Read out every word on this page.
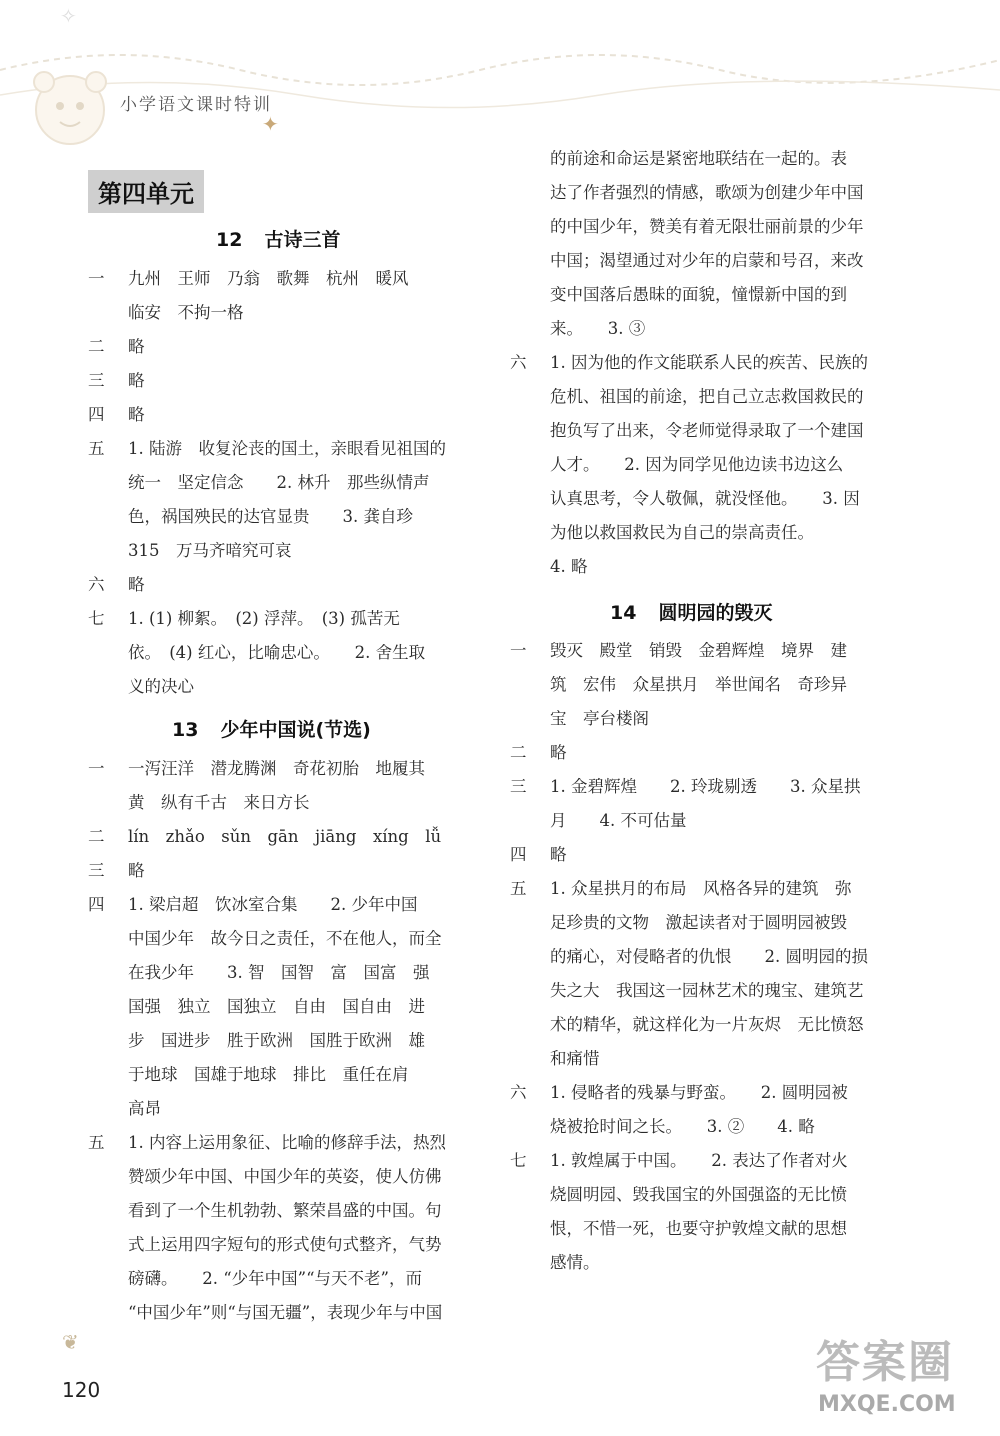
✦
✧
小学语文课时特训
第四单元
12 古诗三首
一	九州　王师　乃翁　歌舞　杭州　暖风
临安　不拘一格
二	略
三	略
四	略
五	1. 陆游　收复沦丧的国土，亲眼看见祖国的
统一　坚定信念　　2. 林升　那些纵情声
色，祸国殃民的达官显贵　　3. 龚自珍
315　万马齐喑究可哀
六	略
七	1. (1) 柳絮。　(2) 浮萍。　(3) 孤苦无
依。　(4) 红心，比喻忠心。　　2. 舍生取
义的决心
13 少年中国说(节选)
一	一泻汪洋　潜龙腾渊　奇花初胎　地履其
黄　纵有千古　来日方长
二	lín　zhǎo　sǔn　gān　jiāng　xíng　lǚ
三	略
四	1. 梁启超　饮冰室合集　　2. 少年中国
中国少年　故今日之责任，不在他人，而全
在我少年　　3. 智　国智　富　国富　强
国强　独立　国独立　自由　国自由　进
步　国进步　胜于欧洲　国胜于欧洲　雄
于地球　国雄于地球　排比　重任在肩
高昂
五	1. 内容上运用象征、比喻的修辞手法，热烈
赞颂少年中国、中国少年的英姿，使人仿佛
看到了一个生机勃勃、繁荣昌盛的中国。句
式上运用四字短句的形式使句式整齐，气势
磅礴。　　2. “少年中国”“与天不老”，而
“中国少年”则“与国无疆”，表现少年与中国
的前途和命运是紧密地联结在一起的。表
达了作者强烈的情感，歌颂为创建少年中国
的中国少年，赞美有着无限壮丽前景的少年
中国；渴望通过对少年的启蒙和号召，来改
变中国落后愚昧的面貌，憧憬新中国的到
来。　　3. ③
六	1. 因为他的作文能联系人民的疾苦、民族的
危机、祖国的前途，把自己立志救国救民的
抱负写了出来，令老师觉得录取了一个建国
人才。　　2. 因为同学见他边读书边这么
认真思考，令人敬佩，就没怪他。　　3. 因
为他以救国救民为自己的崇高责任。
4. 略
14 圆明园的毁灭
一	毁灭　殿堂　销毁　金碧辉煌　境界　建
筑　宏伟　众星拱月　举世闻名　奇珍异
宝　亭台楼阁
二	略
三	1. 金碧辉煌　　2. 玲珑剔透　　3. 众星拱
月　　4. 不可估量
四	略
五	1. 众星拱月的布局　风格各异的建筑　弥
足珍贵的文物　激起读者对于圆明园被毁
的痛心，对侵略者的仇恨　　2. 圆明园的损
失之大　我国这一园林艺术的瑰宝、建筑艺
术的精华，就这样化为一片灰烬　无比愤怒
和痛惜
六	1. 侵略者的残暴与野蛮。　　2. 圆明园被
烧被抢时间之长。　　3. ②　　4. 略
七	1. 敦煌属于中国。　　2. 表达了作者对火
烧圆明园、毁我国宝的外国强盗的无比愤
恨，不惜一死，也要守护敦煌文献的思想
感情。
❦
120
答案圈
MXQE.COM
